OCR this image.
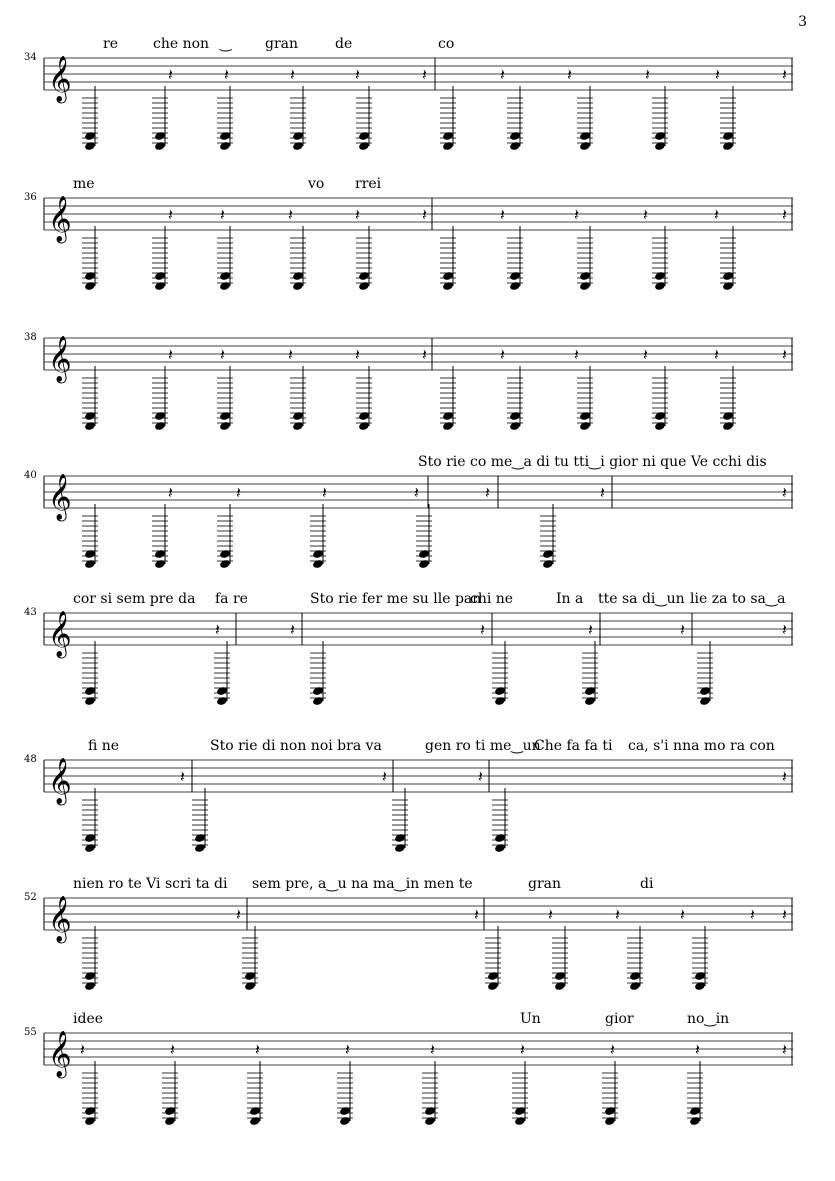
3
34
re	che non ‿ gran	de	co
𝄞	𝄽	𝄽	𝄽	𝄽	𝄽	𝄽	𝄽	𝄽	𝄽	𝄽
36
me	vo rrei
𝄞	𝄽	𝄽	𝄽	𝄽	𝄽	𝄽	𝄽	𝄽	𝄽	𝄽
38 𝄞	𝄽	𝄽	𝄽	𝄽	𝄽	𝄽	𝄽	𝄽	𝄽	𝄽
40
Sto rie co me‿a di tu tti‿i gior ni que Ve cchi dis
𝄞	𝄽	𝄽	𝄽	𝄽	𝄽	𝄽	𝄽
43
cor si sem pre da fa re	Sto rie fer me su lle pan
chi ne	In a tte sa di‿un lie za to sa‿a
𝄞	𝄽	𝄽	𝄽	𝄽	𝄽	𝄽
48
fi ne	Sto rie di non noi bra va	gen ro ti me‿un
Che fa fa ti ca, s'i nna mo ra con
𝄞	𝄽	𝄽	𝄽	𝄽
52
nien ro te Vi scri ta di sem pre, a‿u na ma‿in men te	gran	di
𝄞	𝄽	𝄽	𝄽	𝄽	𝄽	𝄽 𝄽
55
idee	Un	gior	no‿in
𝄞 𝄽	𝄽	𝄽	𝄽	𝄽	𝄽	𝄽	𝄽	𝄽
